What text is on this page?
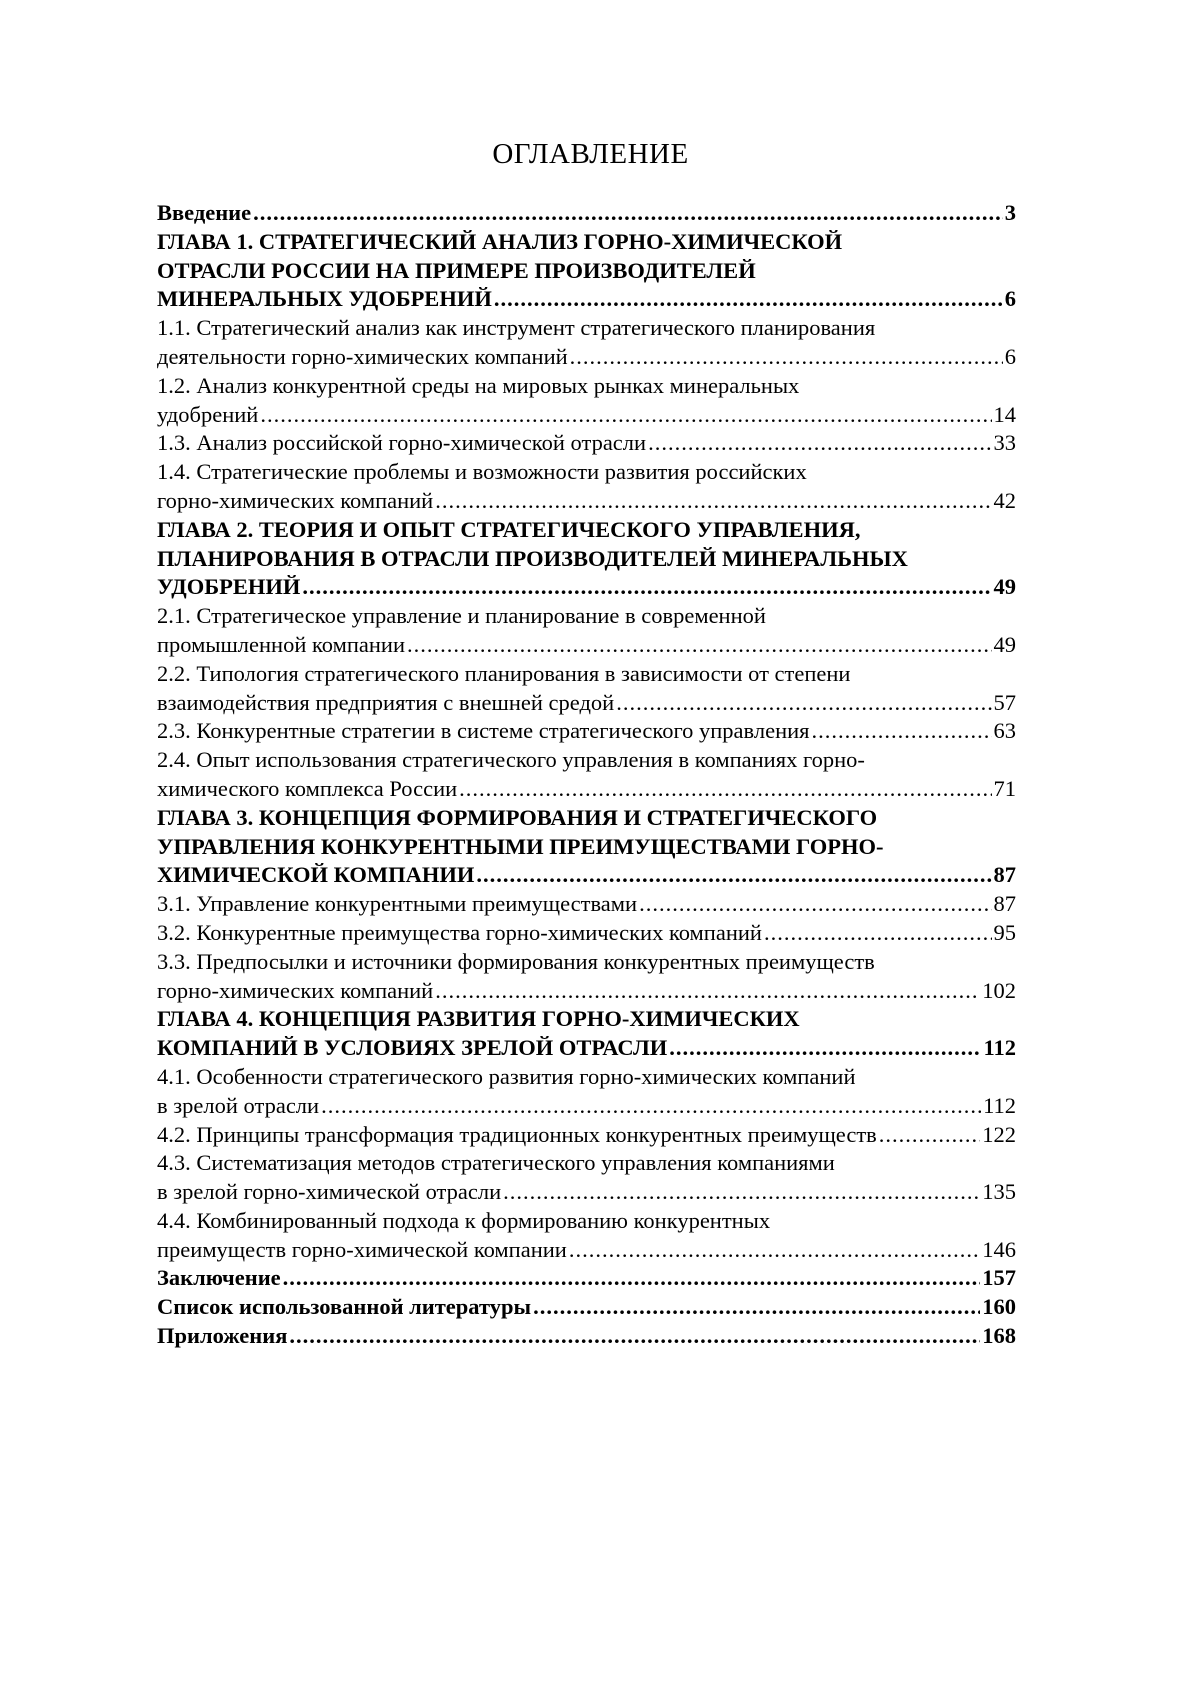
ОГЛАВЛЕНИЕ
Введение .....	3
ГЛАВА 1. СТРАТЕГИЧЕСКИЙ АНАЛИЗ ГОРНО-ХИМИЧЕСКОЙ
ОТРАСЛИ РОССИИ НА ПРИМЕРЕ ПРОИЗВОДИТЕЛЕЙ
МИНЕРАЛЬНЫХ УДОБРЕНИЙ .....	6
1.1. Стратегический анализ как инструмент стратегического планирования
деятельности горно-химических компаний .....	6
1.2. Анализ конкурентной среды на мировых рынках минеральных
удобрений .....	14
1.3. Анализ российской горно-химической отрасли .....	33
1.4. Стратегические проблемы и возможности развития российских
горно-химических компаний .....	42
ГЛАВА 2. ТЕОРИЯ И ОПЫТ СТРАТЕГИЧЕСКОГО УПРАВЛЕНИЯ,
ПЛАНИРОВАНИЯ В ОТРАСЛИ ПРОИЗВОДИТЕЛЕЙ МИНЕРАЛЬНЫХ
УДОБРЕНИЙ .....	49
2.1. Стратегическое управление и планирование в современной
промышленной компании .....	49
2.2. Типология стратегического планирования в зависимости от степени
взаимодействия предприятия с внешней средой .....	57
2.3. Конкурентные стратегии в системе стратегического управления .....	63
2.4. Опыт использования стратегического управления в компаниях горно-
химического комплекса России .....	71
ГЛАВА 3. КОНЦЕПЦИЯ ФОРМИРОВАНИЯ И СТРАТЕГИЧЕСКОГО
УПРАВЛЕНИЯ КОНКУРЕНТНЫМИ ПРЕИМУЩЕСТВАМИ ГОРНО-
ХИМИЧЕСКОЙ КОМПАНИИ .....	87
3.1. Управление конкурентными преимуществами .....	87
3.2. Конкурентные преимущества горно-химических компаний .....	95
3.3. Предпосылки и источники формирования конкурентных преимуществ
горно-химических компаний .....	102
ГЛАВА 4. КОНЦЕПЦИЯ РАЗВИТИЯ ГОРНО-ХИМИЧЕСКИХ
КОМПАНИЙ В УСЛОВИЯХ ЗРЕЛОЙ ОТРАСЛИ .....	112
4.1. Особенности стратегического развития горно-химических компаний
в зрелой отрасли .....	112
4.2. Принципы трансформация традиционных конкурентных преимуществ .....	122
4.3. Систематизация методов стратегического управления компаниями
в зрелой горно-химической отрасли .....	135
4.4. Комбинированный подхода к формированию конкурентных
преимуществ горно-химической компании .....	146
Заключение .....	157
Список использованной литературы .....	160
Приложения .....	168
